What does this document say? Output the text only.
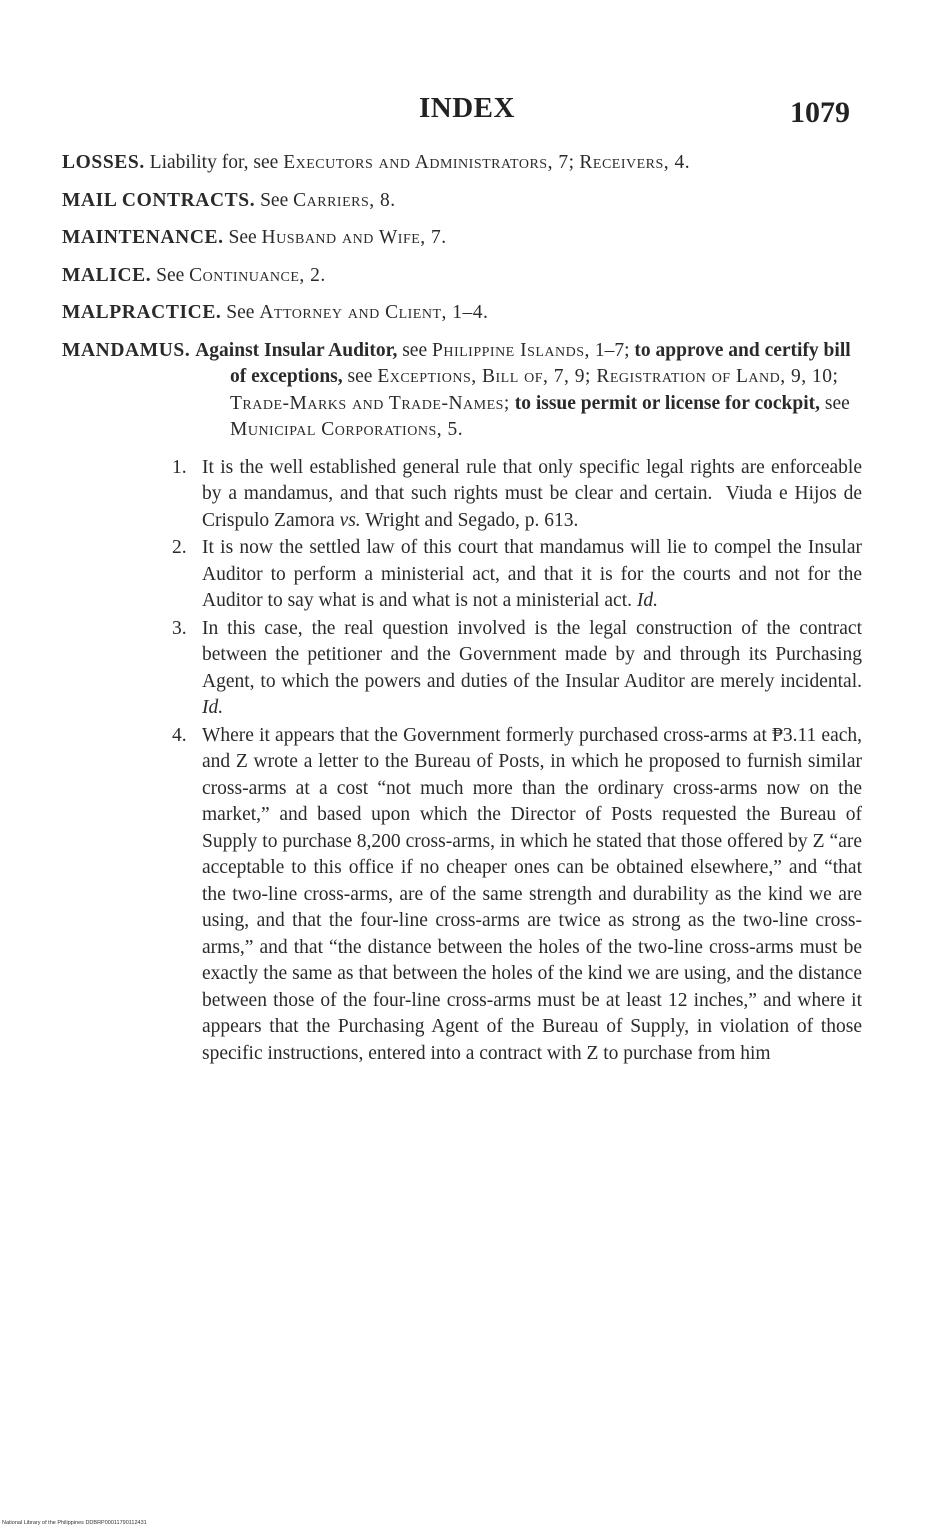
INDEX	1079

LOSSES. Liability for, see Executors and Administrators, 7; Receivers, 4.

MAIL CONTRACTS. See Carriers, 8.

MAINTENANCE. See Husband and Wife, 7.

MALICE. See Continuance, 2.

MALPRACTICE. See Attorney and Client, 1–4.

MANDAMUS. Against Insular Auditor, see Philippine Islands, 1–7; to approve and certify bill of exceptions, see Exceptions, Bill of, 7, 9; Registration of Land, 9, 10; Trade-Marks and Trade-Names; to issue permit or license for cockpit, see Municipal Corporations, 5.

1. It is the well established general rule that only specific legal rights are enforceable by a mandamus, and that such rights must be clear and certain. Viuda e Hijos de Crispulo Zamora vs. Wright and Segado, p. 613.

2. It is now the settled law of this court that mandamus will lie to compel the Insular Auditor to perform a ministerial act, and that it is for the courts and not for the Auditor to say what is and what is not a ministerial act. Id.

3. In this case, the real question involved is the legal construction of the contract between the petitioner and the Government made by and through its Purchasing Agent, to which the powers and duties of the Insular Auditor are merely incidental. Id.

4. Where it appears that the Government formerly purchased cross-arms at ₱3.11 each, and Z wrote a letter to the Bureau of Posts, in which he proposed to furnish similar cross-arms at a cost “not much more than the ordinary cross-arms now on the market,” and based upon which the Director of Posts requested the Bureau of Supply to purchase 8,200 cross-arms, in which he stated that those offered by Z “are acceptable to this office if no cheaper ones can be obtained elsewhere,” and “that the two-line cross-arms, are of the same strength and durability as the kind we are using, and that the four-line cross-arms are twice as strong as the two-line cross-arms,” and that “the distance between the holes of the two-line cross-arms must be exactly the same as that between the holes of the kind we are using, and the distance between those of the four-line cross-arms must be at least 12 inches,” and where it appears that the Purchasing Agent of the Bureau of Supply, in violation of those specific instructions, entered into a contract with Z to purchase from him

National Library of the Philippines DDBRP00011790112431
